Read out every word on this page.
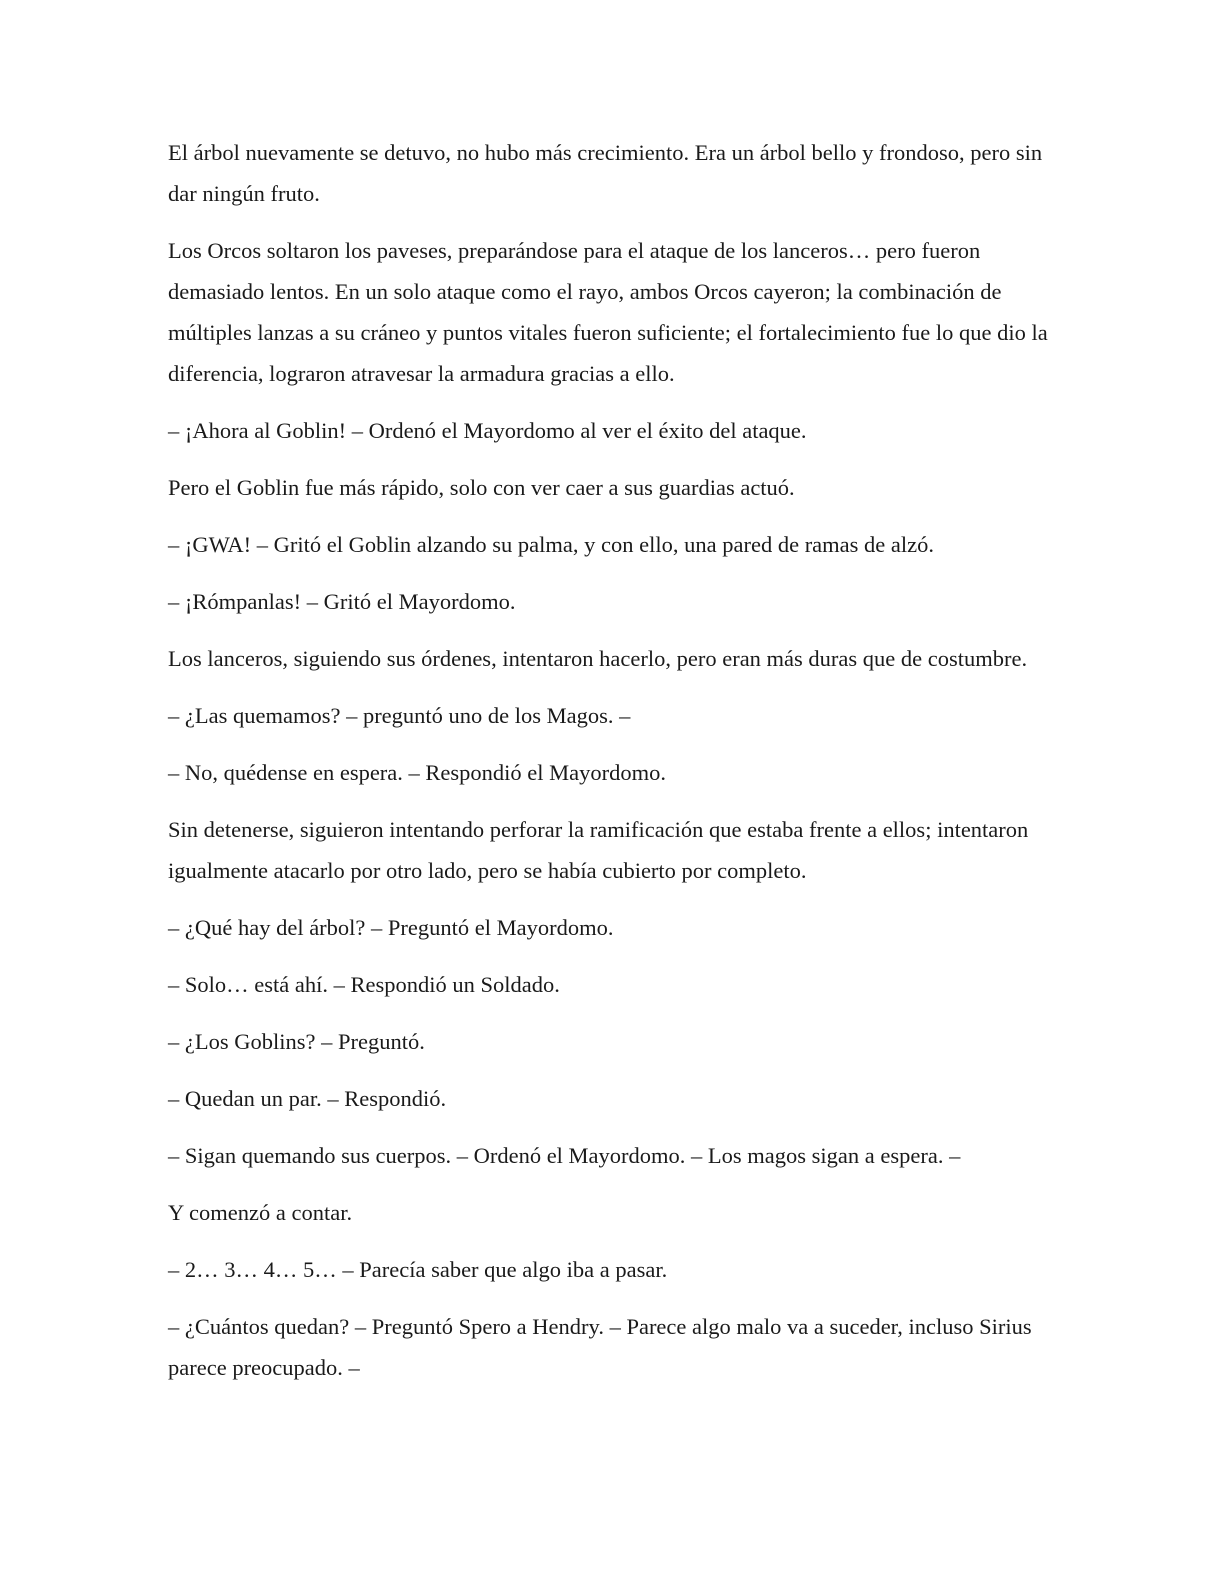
El árbol nuevamente se detuvo, no hubo más crecimiento. Era un árbol bello y frondoso, pero sin dar ningún fruto.

Los Orcos soltaron los paveses, preparándose para el ataque de los lanceros… pero fueron demasiado lentos. En un solo ataque como el rayo, ambos Orcos cayeron; la combinación de múltiples lanzas a su cráneo y puntos vitales fueron suficiente; el fortalecimiento fue lo que dio la diferencia, lograron atravesar la armadura gracias a ello.

– ¡Ahora al Goblin! – Ordenó el Mayordomo al ver el éxito del ataque.

Pero el Goblin fue más rápido, solo con ver caer a sus guardias actuó.

– ¡GWA! – Gritó el Goblin alzando su palma, y con ello, una pared de ramas de alzó.

– ¡Rómpanlas! – Gritó el Mayordomo.

Los lanceros, siguiendo sus órdenes, intentaron hacerlo, pero eran más duras que de costumbre.

– ¿Las quemamos? – preguntó uno de los Magos. –

– No, quédense en espera. – Respondió el Mayordomo.

Sin detenerse, siguieron intentando perforar la ramificación que estaba frente a ellos; intentaron igualmente atacarlo por otro lado, pero se había cubierto por completo.

– ¿Qué hay del árbol? – Preguntó el Mayordomo.

– Solo… está ahí. – Respondió un Soldado.

– ¿Los Goblins? – Preguntó.

– Quedan un par. – Respondió.

– Sigan quemando sus cuerpos. – Ordenó el Mayordomo. – Los magos sigan a espera. –

Y comenzó a contar.

– 2… 3… 4… 5… – Parecía saber que algo iba a pasar.

– ¿Cuántos quedan? – Preguntó Spero a Hendry. – Parece algo malo va a suceder, incluso Sirius parece preocupado. –
